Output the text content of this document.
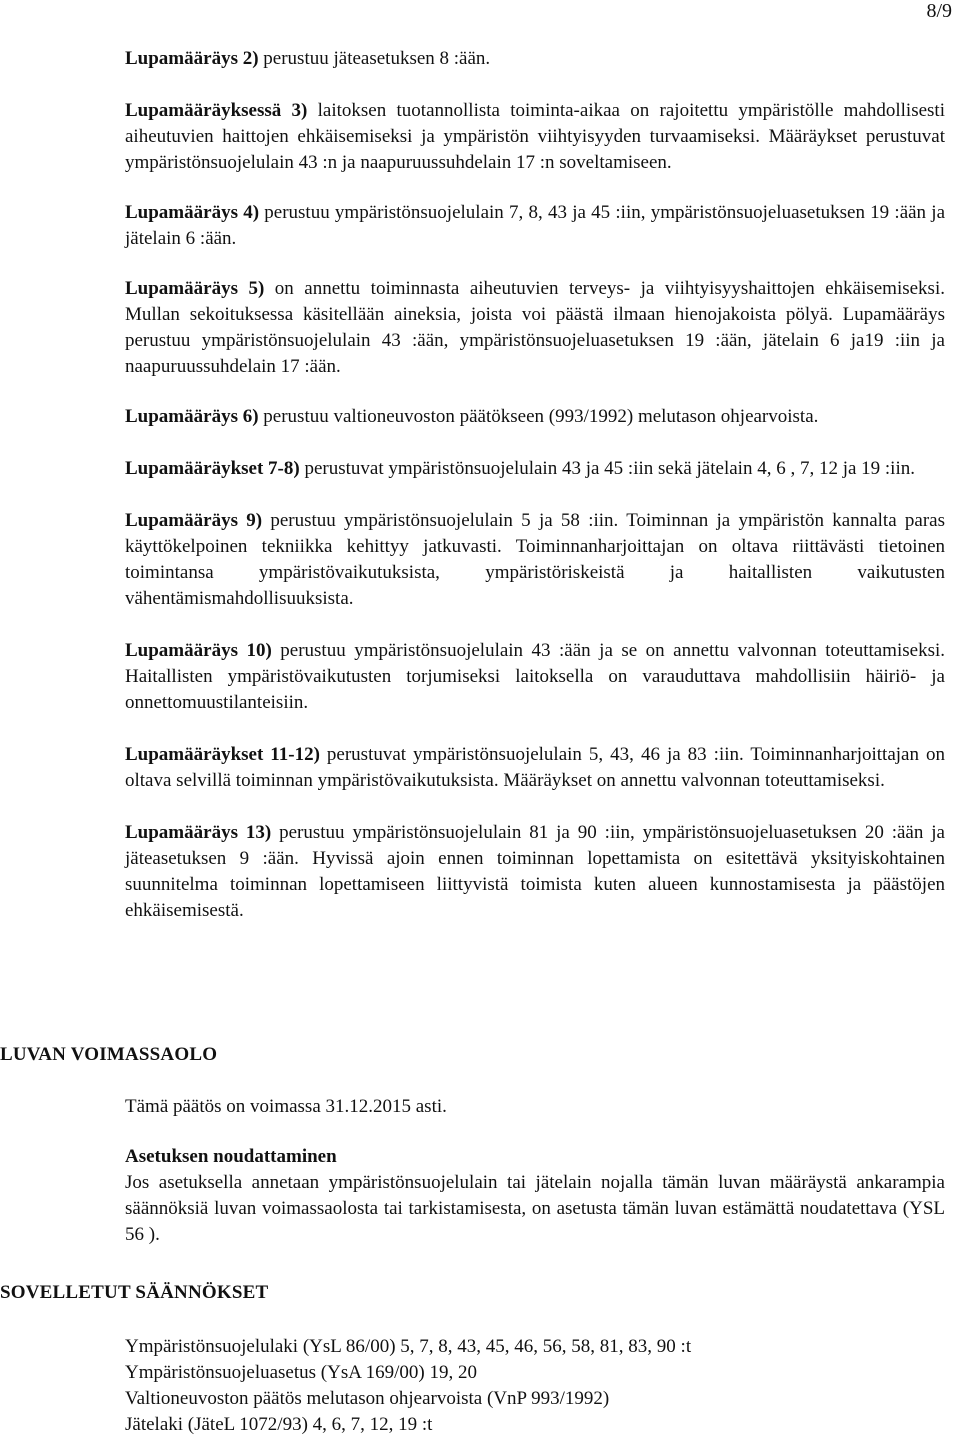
8/9

Lupamääräys 2) perustuu jäteasetuksen 8 :ään.

Lupamääräyksessä 3) laitoksen tuotannollista toiminta-aikaa on rajoitettu ympäristölle mahdollisesti aiheutuvien haittojen ehkäisemiseksi ja ympäristön viihtyisyyden turvaamiseksi. Määräykset perustuvat ympäristönsuojelulain 43 :n ja naapuruussuhdelain 17 :n soveltamiseen.

Lupamääräys 4) perustuu ympäristönsuojelulain 7, 8, 43 ja 45 :iin, ympäristönsuojeluasetuksen 19 :ään ja jätelain 6 :ään.

Lupamääräys 5) on annettu toiminnasta aiheutuvien terveys- ja viihtyisyyshaittojen ehkäisemiseksi. Mullan sekoituksessa käsitellään aineksia, joista voi päästä ilmaan hienojakoista pölyä. Lupamääräys perustuu ympäristönsuojelulain 43 :ään, ympäristönsuojeluasetuksen 19 :ään, jätelain 6 ja19 :iin ja naapuruussuhdelain 17 :ään.

Lupamääräys 6) perustuu valtioneuvoston päätökseen (993/1992) melutason ohjearvoista.

Lupamääräykset 7-8) perustuvat ympäristönsuojelulain 43 ja 45 :iin sekä jätelain 4, 6 , 7, 12 ja 19 :iin.

Lupamääräys 9) perustuu ympäristönsuojelulain 5 ja 58 :iin. Toiminnan ja ympäristön kannalta paras käyttökelpoinen tekniikka kehittyy jatkuvasti. Toiminnanharjoittajan on oltava riittävästi tietoinen toimintansa ympäristövaikutuksista, ympäristöriskeistä ja haitallisten vaikutusten vähentämismahdollisuuksista.

Lupamääräys 10) perustuu ympäristönsuojelulain 43 :ään ja se on annettu valvonnan toteuttamiseksi. Haitallisten ympäristövaikutusten torjumiseksi laitoksella on varauduttava mahdollisiin häiriö- ja onnettomuustilanteisiin.

Lupamääräykset 11-12) perustuvat ympäristönsuojelulain 5, 43, 46 ja 83 :iin. Toiminnanharjoittajan on oltava selvillä toiminnan ympäristövaikutuksista. Määräykset on annettu valvonnan toteuttamiseksi.

Lupamääräys 13) perustuu ympäristönsuojelulain 81 ja 90 :iin, ympäristönsuojeluasetuksen 20 :ään ja jäteasetuksen 9 :ään. Hyvissä ajoin ennen toiminnan lopettamista on esitettävä yksityiskohtainen suunnitelma toiminnan lopettamiseen liittyvistä toimista kuten alueen kunnostamisesta ja päästöjen ehkäisemisestä.

LUVAN VOIMASSAOLO

Tämä päätös on voimassa 31.12.2015 asti.

Asetuksen noudattaminen

Jos asetuksella annetaan ympäristönsuojelulain tai jätelain nojalla tämän luvan määräystä ankarampia säännöksiä luvan voimassaolosta tai tarkistamisesta, on asetusta tämän luvan estämättä noudatettava (YSL 56 ).

SOVELLETUT SÄÄNNÖKSET
Ympäristönsuojelulaki (YsL 86/00) 5, 7, 8, 43, 45, 46, 56, 58, 81, 83, 90 :t
Ympäristönsuojeluasetus (YsA 169/00) 19, 20
Valtioneuvoston päätös melutason ohjearvoista (VnP 993/1992)
Jätelaki (JäteL 1072/93) 4, 6, 7, 12, 19 :t
